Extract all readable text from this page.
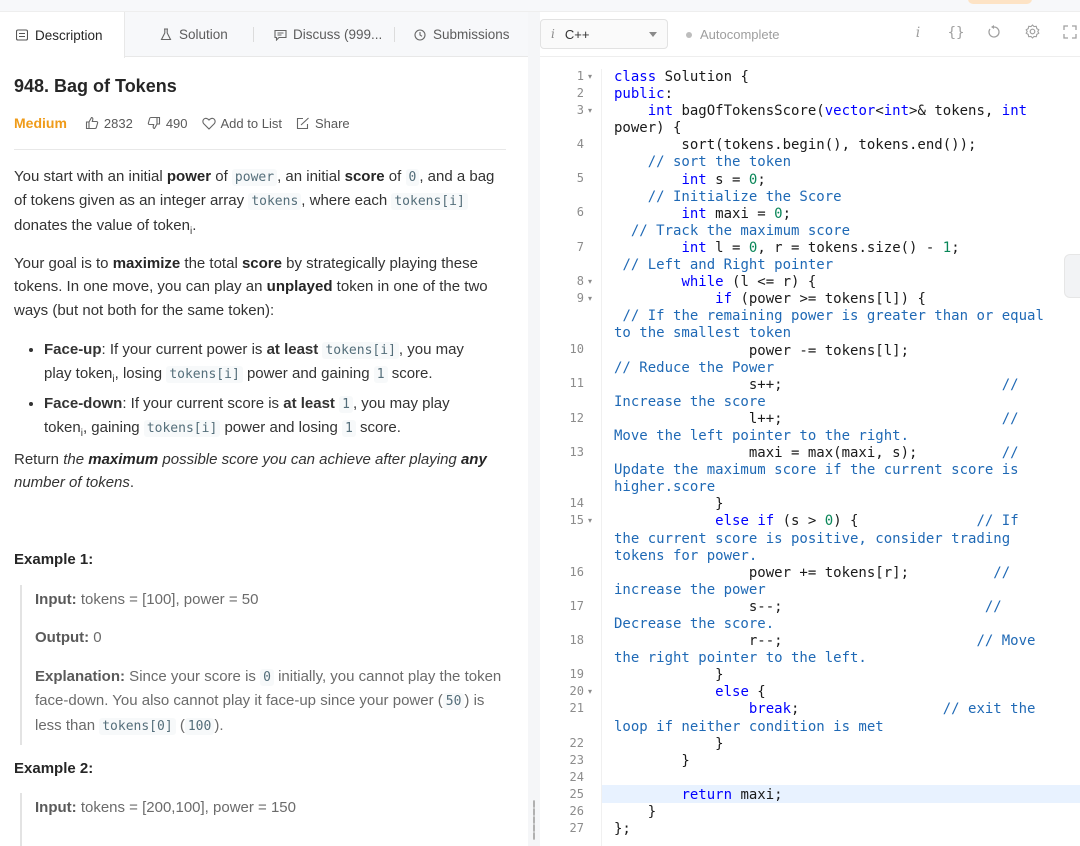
Description	Solution	Discuss (999...	Submissions
948. Bag of Tokens
Medium	2832	490	Add to List	Share
You start with an initial power of power , an initial score of 0 , and a bag of tokens given as an integer array tokens , where each tokens[i] donates the value of token$_i$.
Your goal is to maximize the total score by strategically playing these tokens. In one move, you can play an unplayed token in one of the two ways (but not both for the same token):
• Face-up: If your current power is at least tokens[i] , you may play token$_i$, losing tokens[i] power and gaining 1 score.
• Face-down: If your current score is at least 1 , you may play token$_i$, gaining tokens[i] power and losing 1 score.
Return the maximum possible score you can achieve after playing any number of tokens.
Example 1:
Input: tokens = [100], power = 50
Output: 0
Explanation: Since your score is 0 initially, you cannot play the token face-down. You also cannot play it face-up since your power ( 50 ) is less than tokens[0] ( 100 ).
Example 2:
Input: tokens = [200,100], power = 150
i C++	Autocomplete	i	{}
1
2
3
4
5
6
7
8
9
10
11
12
13
14
15
16
17
18
19
20
21
22
23
24
25
26
27
▾
▾
▾
▾
▾
▾
class Solution {
public:
int bagOfTokensScore(vector<int>& tokens, int
power) {
sort(tokens.begin(), tokens.end());
// sort the token
int s = 0;
// Initialize the Score
int maxi = 0;
// Track the maximum score
int l = 0, r = tokens.size() - 1;
// Left and Right pointer
while (l <= r) {
if (power >= tokens[l]) {
// If the remaining power is greater than or equal
to the smallest token
power -= tokens[l];
// Reduce the Power
s++;                          //
Increase the score
l++;                          //
Move the left pointer to the right.
maxi = max(maxi, s);          //
Update the maximum score if the current score is
higher.score
}
else if (s > 0) {              // If
the current score is positive, consider trading
tokens for power.
power += tokens[r];          //
increase the power
s--;                        //
Decrease the score.
r--;                       // Move
the right pointer to the left.
}
else {
break;                 // exit the
loop if neither condition is met
}
}

return maxi;
}
};
